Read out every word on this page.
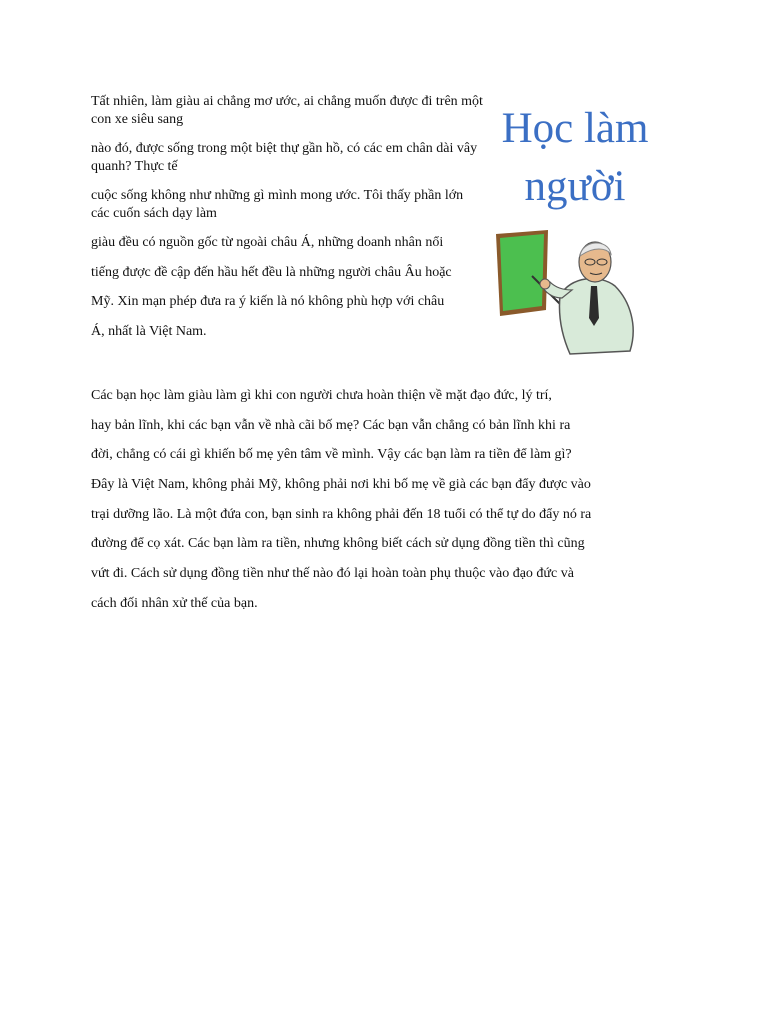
Tất nhiên, làm giàu ai chẳng mơ ước, ai chẳng muốn được đi trên một con xe siêu sang
nào đó, được sống trong một biệt thự gần hồ, có các em chân dài vây quanh? Thực tế
cuộc sống không như những gì mình mong ước. Tôi thấy phần lớn các cuốn sách dạy làm
giàu đều có nguồn gốc từ ngoài châu Á, những doanh nhân nổi
tiếng được đề cập đến hầu hết đều là những người châu Âu hoặc
Mỹ. Xin mạn phép đưa ra ý kiến là nó không phù hợp với châu
Á, nhất là Việt Nam.
Học làm người
Các bạn học làm giàu làm gì khi con người chưa hoàn thiện về mặt đạo đức, lý trí,
hay bản lĩnh, khi các bạn vẫn về nhà cãi bố mẹ? Các bạn vẫn chẳng có bản lĩnh khi ra
đời, chẳng có cái gì khiến bố mẹ yên tâm về mình. Vậy các bạn làm ra tiền để làm gì?
Đây là Việt Nam, không phải Mỹ, không phải nơi khi bố mẹ về già các bạn đẩy được vào
trại dưỡng lão. Là một đứa con, bạn sinh ra không phải đến 18 tuổi có thể tự do đẩy nó ra
đường để cọ xát. Các bạn làm ra tiền, nhưng không biết cách sử dụng đồng tiền thì cũng
vứt đi. Cách sử dụng đồng tiền như thế nào đó lại hoàn toàn phụ thuộc vào đạo đức và
cách đối nhân xử thế của bạn.
